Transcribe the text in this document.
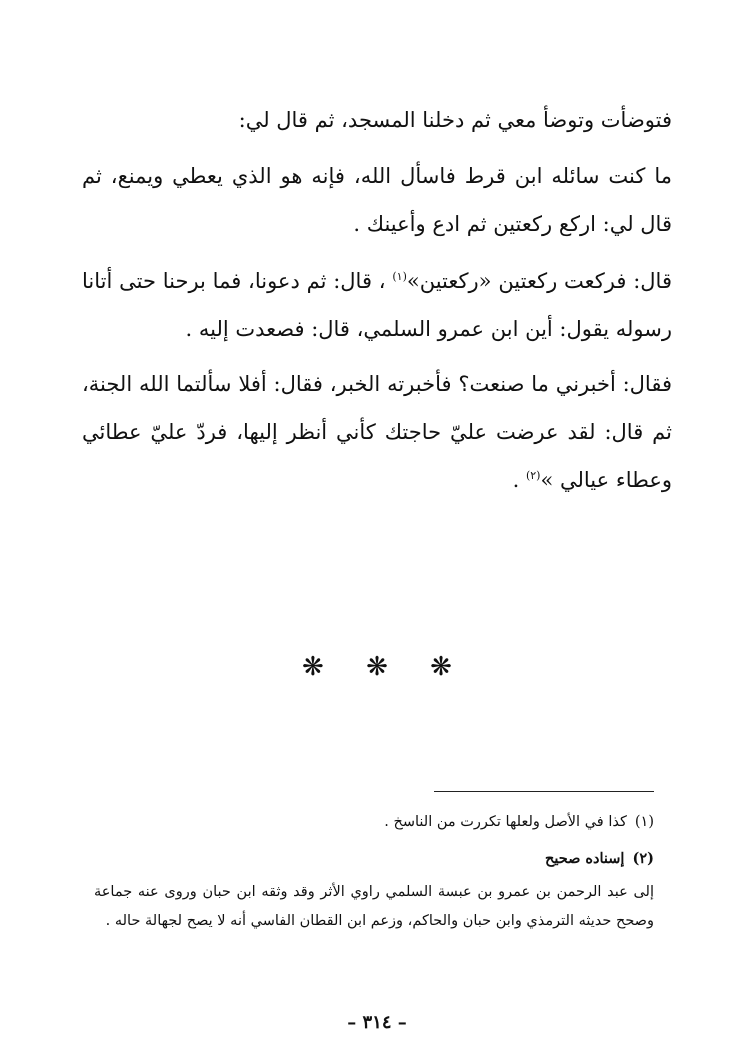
فتوضأت وتوضأ معي ثم دخلنا المسجد، ثم قال لي:

ما كنت سائله ابن قرط فاسأل الله، فإنه هو الذي يعطي ويمنع، ثم قال لي: اركع ركعتين ثم ادع وأعينك .

قال: فركعت ركعتين «ركعتين»$^{(١)}$ ، قال: ثم دعونا، فما برحنا حتى أتانا رسوله يقول: أين ابن عمرو السلمي، قال: فصعدت إليه .

فقال: أخبرني ما صنعت؟ فأخبرته الخبر، فقال: أفلا سألتما الله الجنة، ثم قال: لقد عرضت عليّ حاجتك كأني أنظر إليها، فردّ عليّ عطائي وعطاء عيالي »$^{(٢)}$ .

❋ ❋ ❋
(١)كذا في الأصل ولعلها تكررت من الناسخ .
(٢)إسناده صحيح
إلى عبد الرحمن بن عمرو بن عبسة السلمي راوي الأثر وقد وثقه ابن حبان وروى عنه جماعة وصحح حديثه الترمذي وابن حبان والحاكم، وزعم ابن القطان الفاسي أنه لا يصح لجهالة حاله .
– ٣١٤ –
